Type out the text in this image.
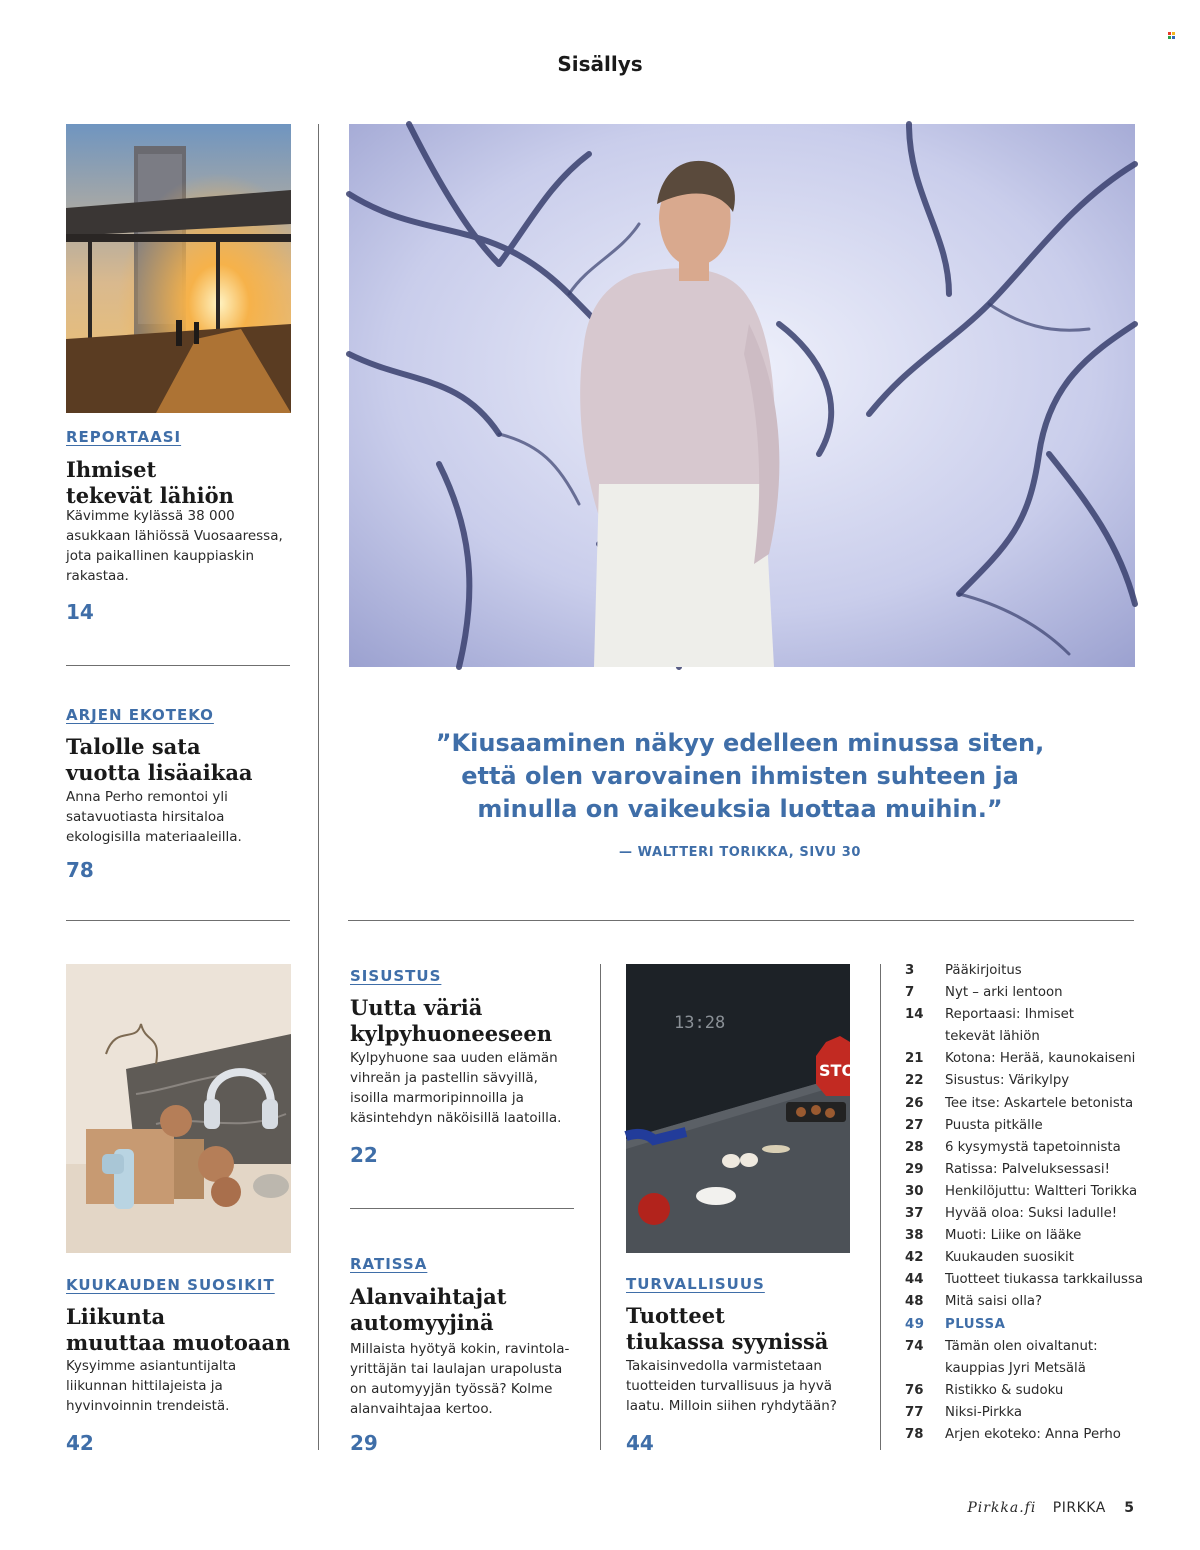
Sisällys
REPORTAASI
Ihmiset
tekevät lähiön
Kävimme kylässä 38 000
asukkaan lähiössä Vuosaaressa,
jota paikallinen kauppiaskin
rakastaa.
14
ARJEN EKOTEKO
Talolle sata
vuotta lisäaikaa
Anna Perho remontoi yli
satavuotiasta hirsitaloa
ekologisilla materiaaleilla.
78
”Kiusaaminen näkyy edelleen minussa siten,
että olen varovainen ihmisten suhteen ja
minulla on vaikeuksia luottaa muihin.”
— WALTTERI TORIKKA, SIVU 30
KUUKAUDEN SUOSIKIT
Liikunta
muuttaa muotoaan
Kysyimme asiantuntijalta
liikunnan hittilajeista ja
hyvinvoinnin trendeistä.
42
SISUSTUS
Uutta väriä
kylpyhuoneeseen
Kylpyhuone saa uuden elämän
vihreän ja pastellin sävyillä,
isoilla marmoripinnoilla ja
käsintehdyn näköisillä laatoilla.
22
RATISSA
Alanvaihtajat
automyyjinä
Millaista hyötyä kokin, ravintola-
yrittäjän tai laulajan urapolusta
on automyyjän työssä? Kolme
alanvaihtajaa kertoo.
29
13:28
STO
TURVALLISUUS
Tuotteet
tiukassa syynissä
Takaisinvedolla varmistetaan
tuotteiden turvallisuus ja hyvä
laatu. Milloin siihen ryhdytään?
44
3	Pääkirjoitus
7	Nyt – arki lentoon
14	Reportaasi: Ihmiset
tekevät lähiön
21	Kotona: Herää, kaunokaiseni
22	Sisustus: Värikylpy
26	Tee itse: Askartele betonista
27	Puusta pitkälle
28	6 kysymystä tapetoinnista
29	Ratissa: Palveluksessasi!
30	Henkilöjuttu: Waltteri Torikka
37	Hyvää oloa: Suksi ladulle!
38	Muoti: Liike on lääke
42	Kuukauden suosikit
44	Tuotteet tiukassa tarkkailussa
48	Mitä saisi olla?
49	PLUSSA
74	Tämän olen oivaltanut:
kauppias Jyri Metsälä
76	Ristikko & sudoku
77	Niksi-Pirkka
78	Arjen ekoteko: Anna Perho
Pirkka.fi PIRKKA 5
